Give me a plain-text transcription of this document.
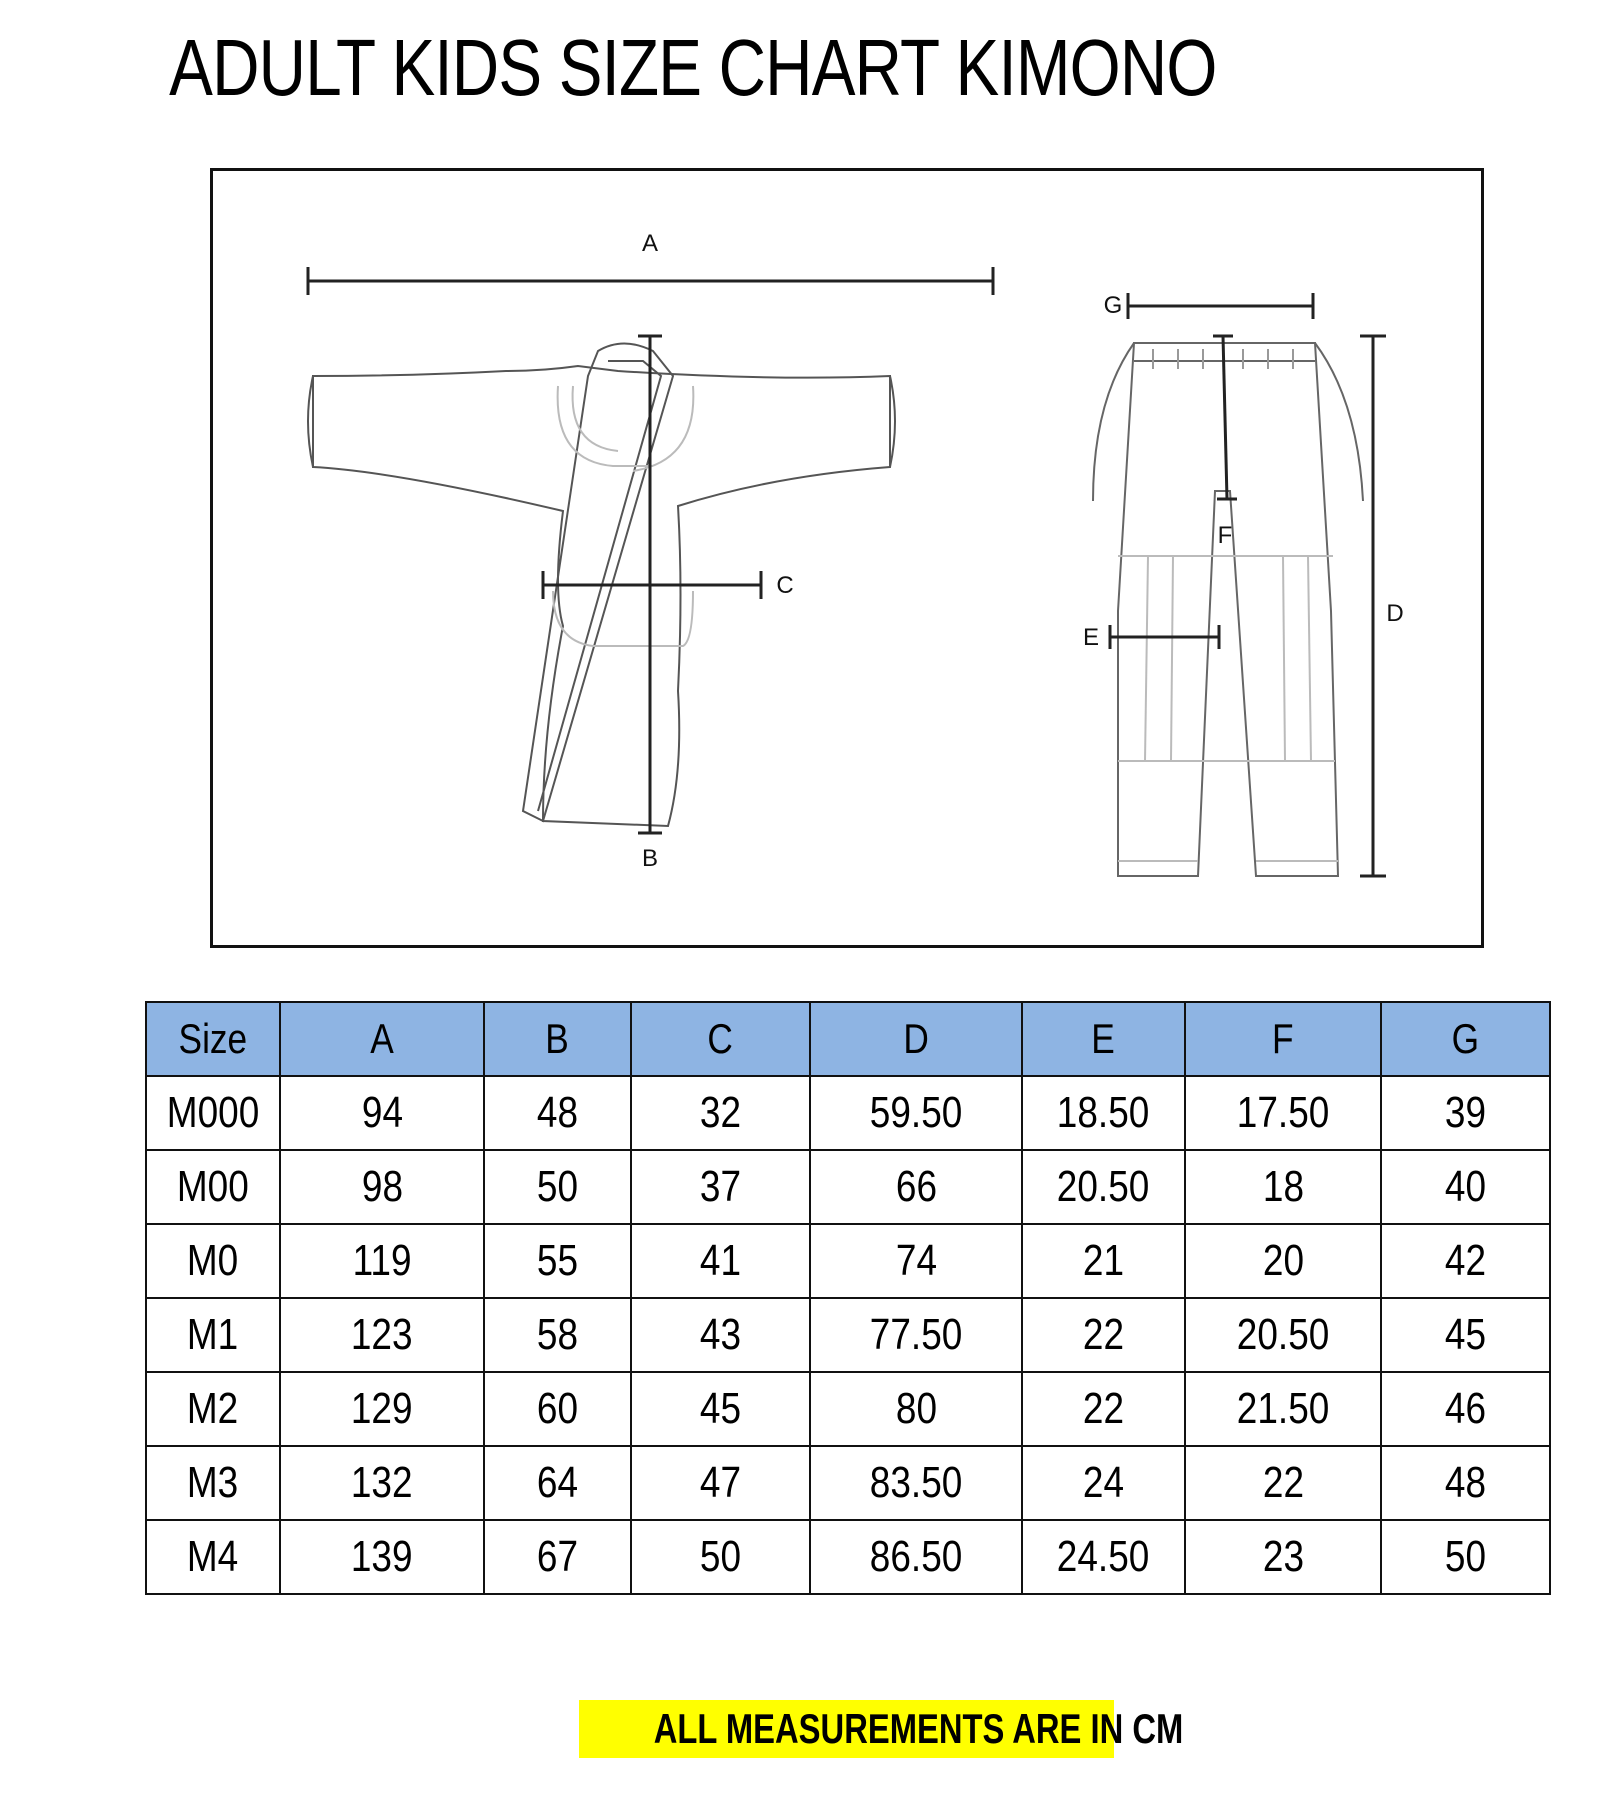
ADULT KIDS SIZE CHART KIMONO
A
B
C
G
F
E
D
Size	A	B	C	D	E	F	G
M000	94	48	32	59.50	18.50	17.50	39
M00	98	50	37	66	20.50	18	40
M0	119	55	41	74	21	20	42
M1	123	58	43	77.50	22	20.50	45
M2	129	60	45	80	22	21.50	46
M3	132	64	47	83.50	24	22	48
M4	139	67	50	86.50	24.50	23	50
ALL MEASUREMENTS ARE IN CM
